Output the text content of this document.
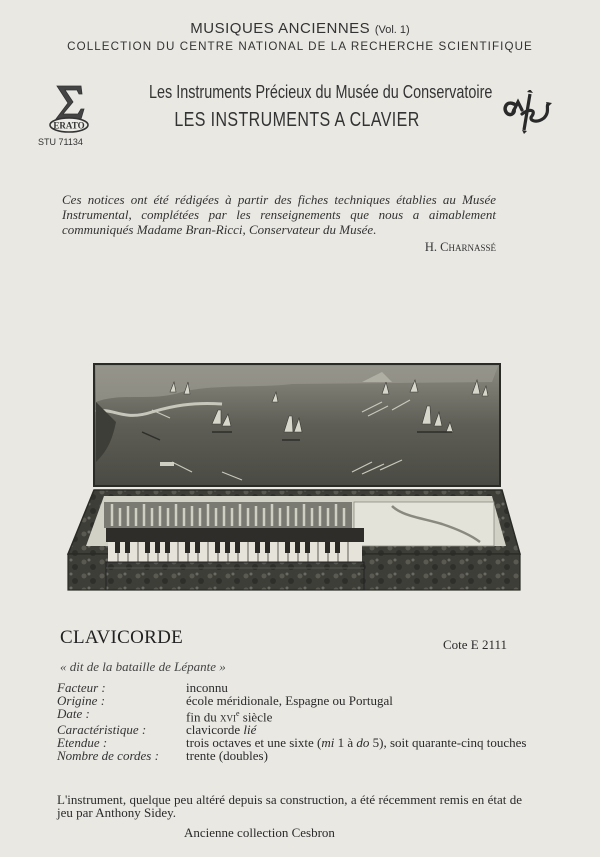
MUSIQUES ANCIENNES (Vol. 1)
COLLECTION DU CENTRE NATIONAL DE LA RECHERCHE SCIENTIFIQUE
ERATO
STU 71134
Les Instruments Précieux du Musée du Conservatoire
LES INSTRUMENTS A CLAVIER
Ces notices ont été rédigées à partir des fiches techniques établies au Musée Instrumental, complétées par les renseignements que nous a aimablement communiqués Madame Bran-Ricci, Conservateur du Musée.
H. Charnassé
CLAVICORDE	Cote E 2111
« dit de la bataille de Lépante »
Facteur :	inconnu
Origine :	école méridionale, Espagne ou Portugal
Date :	fin du xvi$^e$ siècle
Caractéristique :	clavicorde lié
Etendue :	trois octaves et une sixte (mi 1 à do 5), soit quarante-cinq touches
Nombre de cordes :	trente (doubles)
L'instrument, quelque peu altéré depuis sa construction, a été récemment remis en état de jeu par Anthony Sidey.
Ancienne collection Cesbron
